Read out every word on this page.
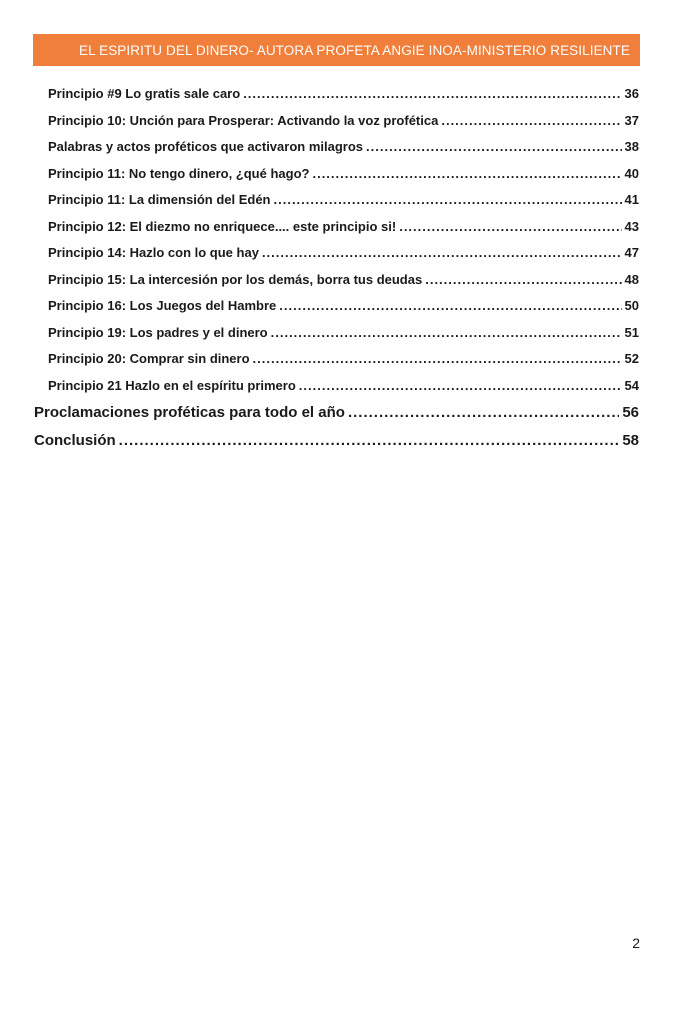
EL ESPIRITU DEL DINERO- AUTORA PROFETA ANGIE INOA-MINISTERIO RESILIENTE
Principio #9 Lo gratis sale caro .....	36
Principio 10: Unción para Prosperar: Activando la voz profética .....	37
Palabras y actos proféticos que activaron milagros .....	38
Principio 11: No tengo dinero, ¿qué hago? .....	40
Principio 11: La dimensión del Edén .....	41
Principio 12: El diezmo no enriquece.... este principio si! .....	43
Principio 14: Hazlo con lo que hay .....	47
Principio 15: La intercesión por los demás, borra tus deudas .....	48
Principio 16: Los Juegos del Hambre .....	50
Principio 19: Los padres y el dinero .....	51
Principio 20: Comprar sin dinero .....	52
Principio 21 Hazlo en el espíritu primero .....	54
Proclamaciones proféticas para todo el año .....	56
Conclusión .....	58
2
